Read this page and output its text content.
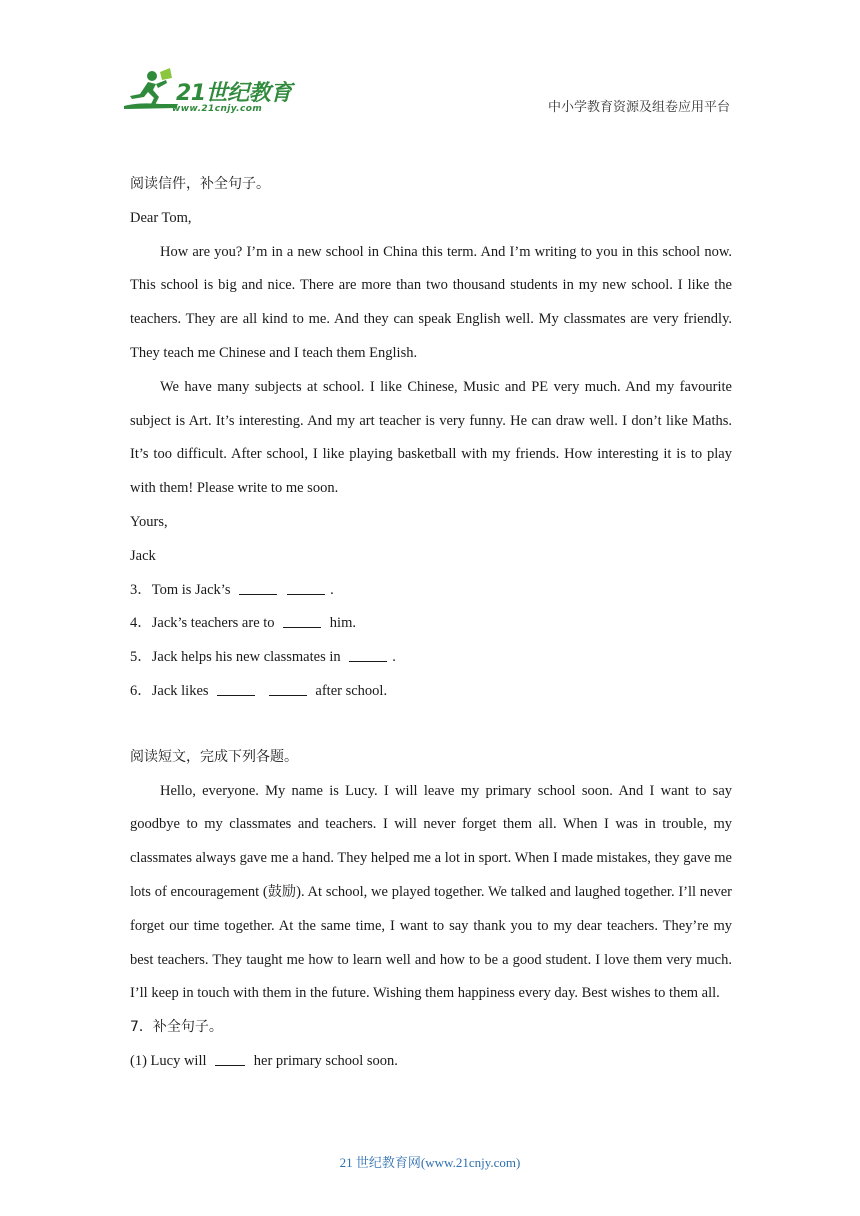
21世纪教育
www.21cnjy.com	中小学教育资源及组卷应用平台
阅读信件，补全句子。
Dear Tom,
How are you? I’m in a new school in China this term. And I’m writing to you in this school now. This school is big and nice. There are more than two thousand students in my new school. I like the teachers. They are all kind to me. And they can speak English well. My classmates are very friendly. They teach me Chinese and I teach them English.
We have many subjects at school. I like Chinese, Music and PE very much. And my favourite subject is Art. It’s interesting. And my art teacher is very funny. He can draw well. I don’t like Maths. It’s too difficult. After school, I like playing basketball with my friends. How interesting it is to play with them! Please write to me soon.
Yours,
Jack
3．Tom is Jack’s	.
4．Jack’s teachers are to	him.
5．Jack helps his new classmates in	.
6．Jack likes	after school.
阅读短文，完成下列各题。
Hello, everyone. My name is Lucy. I will leave my primary school soon. And I want to say goodbye to my classmates and teachers. I will never forget them all. When I was in trouble, my classmates always gave me a hand. They helped me a lot in sport. When I made mistakes, they gave me lots of encouragement (鼓励). At school, we played together. We talked and laughed together. I’ll never forget our time together. At the same time, I want to say thank you to my dear teachers. They’re my best teachers. They taught me how to learn well and how to be a good student. I love them very much. I’ll keep in touch with them in the future. Wishing them happiness every day. Best wishes to them all.
7．补全句子。
(1) Lucy will	her primary school soon.
21 世纪教育网(www.21cnjy.com)
